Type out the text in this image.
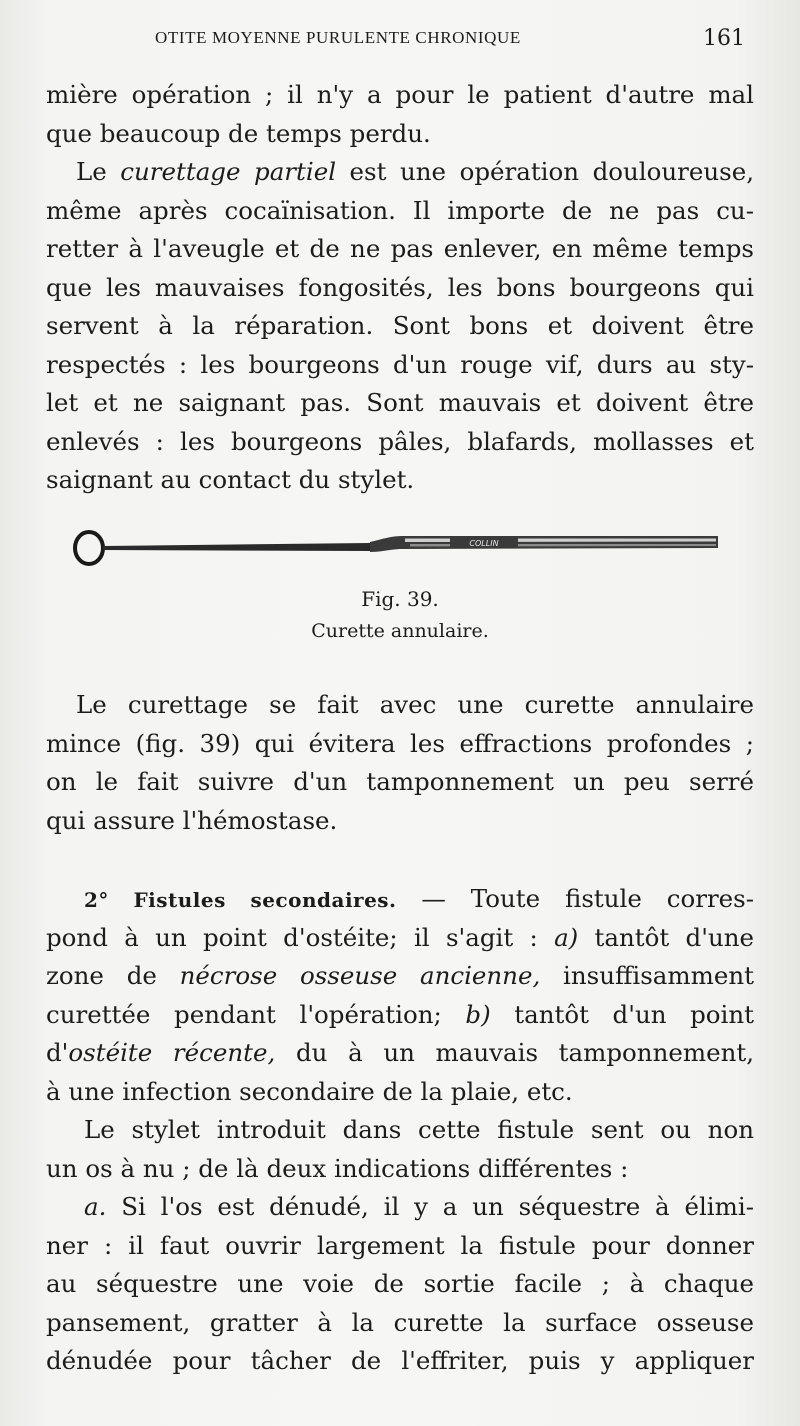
OTITE MOYENNE PURULENTE CHRONIQUE	161
mière opération ; il n'y a pour le patient d'autre mal
que beaucoup de temps perdu.
Le curettage partiel est une opération douloureuse,
même après cocaïnisation. Il importe de ne pas cu-
retter à l'aveugle et de ne pas enlever, en même temps
que les mauvaises fongosités, les bons bourgeons qui
servent à la réparation. Sont bons et doivent être
respectés : les bourgeons d'un rouge vif, durs au sty-
let et ne saignant pas. Sont mauvais et doivent être
enlevés : les bourgeons pâles, blafards, mollasses et
saignant au contact du stylet.
COLLIN
Fig. 39.
Curette annulaire.
Le curettage se fait avec une curette annulaire
mince (fig. 39) qui évitera les effractions profondes ;
on le fait suivre d'un tamponnement un peu serré
qui assure l'hémostase.
2° Fistules secondaires. — Toute fistule corres-
pond à un point d'ostéite; il s'agit : a) tantôt d'une
zone de nécrose osseuse ancienne, insuffisamment
curettée pendant l'opération; b) tantôt d'un point
d'ostéite récente, du à un mauvais tamponnement,
à une infection secondaire de la plaie, etc.
Le stylet introduit dans cette fistule sent ou non
un os à nu ; de là deux indications différentes :
a. Si l'os est dénudé, il y a un séquestre à élimi-
ner : il faut ouvrir largement la fistule pour donner
au séquestre une voie de sortie facile ; à chaque
pansement, gratter à la curette la surface osseuse
dénudée pour tâcher de l'effriter, puis y appliquer
